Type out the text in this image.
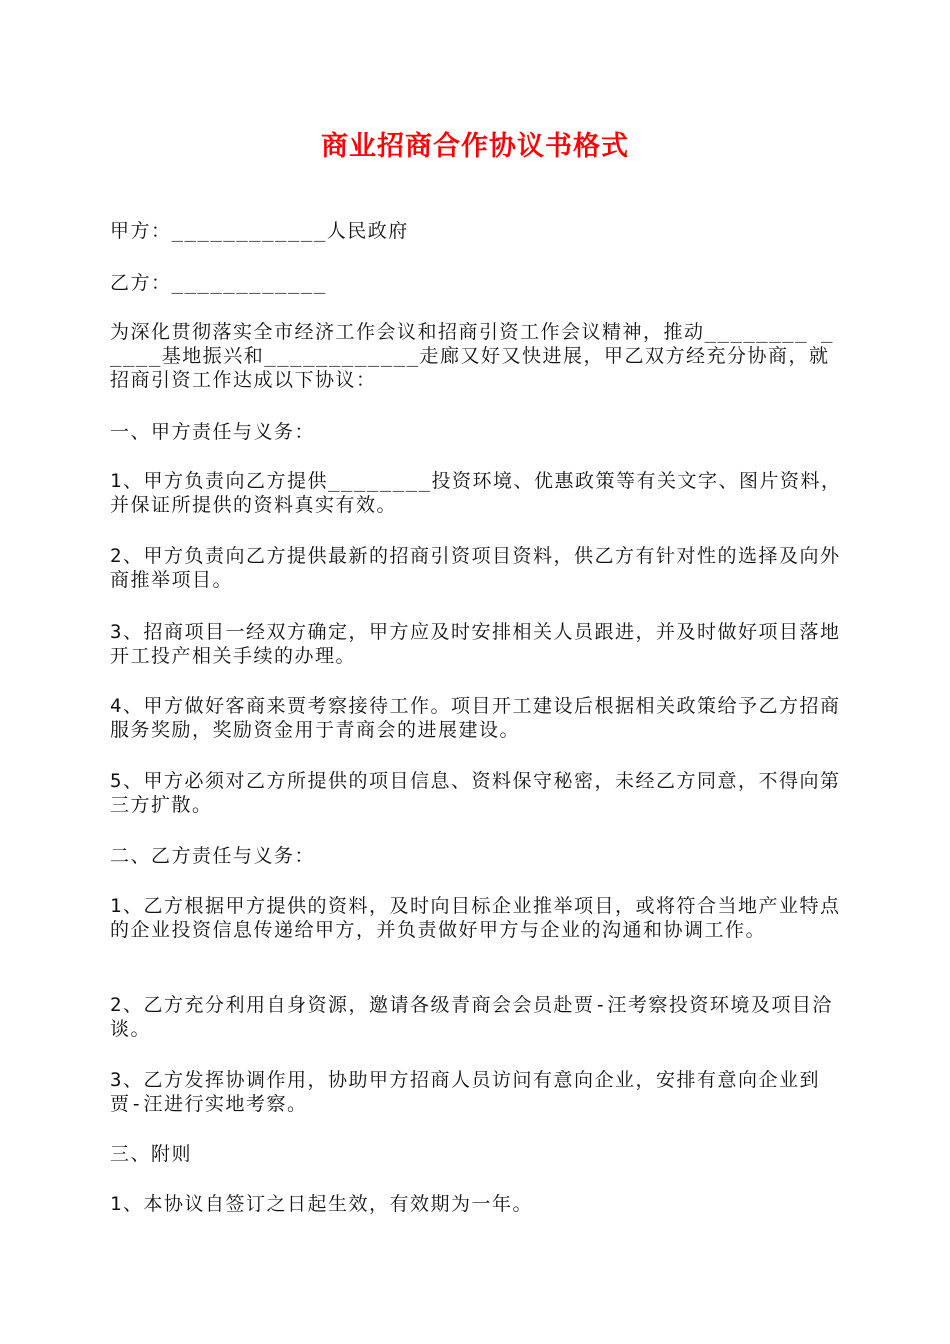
商业招商合作协议书格式

甲方：____________人民政府

乙方：____________

为深化贯彻落实全市经济工作会议和招商引资工作会议精神，推动________ _____基地振兴和____________走廊又好又快进展，甲乙双方经充分协商，就招商引资工作达成以下协议：

一、甲方责任与义务：

1、甲方负责向乙方提供________投资环境、优惠政策等有关文字、图片资料，并保证所提供的资料真实有效。

2、甲方负责向乙方提供最新的招商引资项目资料，供乙方有针对性的选择及向外商推举项目。

3、招商项目一经双方确定，甲方应及时安排相关人员跟进，并及时做好项目落地开工投产相关手续的办理。

4、甲方做好客商来贾考察接待工作。项目开工建设后根据相关政策给予乙方招商服务奖励，奖励资金用于青商会的进展建设。

5、甲方必须对乙方所提供的项目信息、资料保守秘密，未经乙方同意，不得向第三方扩散。

二、乙方责任与义务：

1、乙方根据甲方提供的资料，及时向目标企业推举项目，或将符合当地产业特点的企业投资信息传递给甲方，并负责做好甲方与企业的沟通和协调工作。

2、乙方充分利用自身资源，邀请各级青商会会员赴贾-汪考察投资环境及项目洽谈。

3、乙方发挥协调作用，协助甲方招商人员访问有意向企业，安排有意向企业到贾-汪进行实地考察。

三、附则

1、本协议自签订之日起生效，有效期为一年。
